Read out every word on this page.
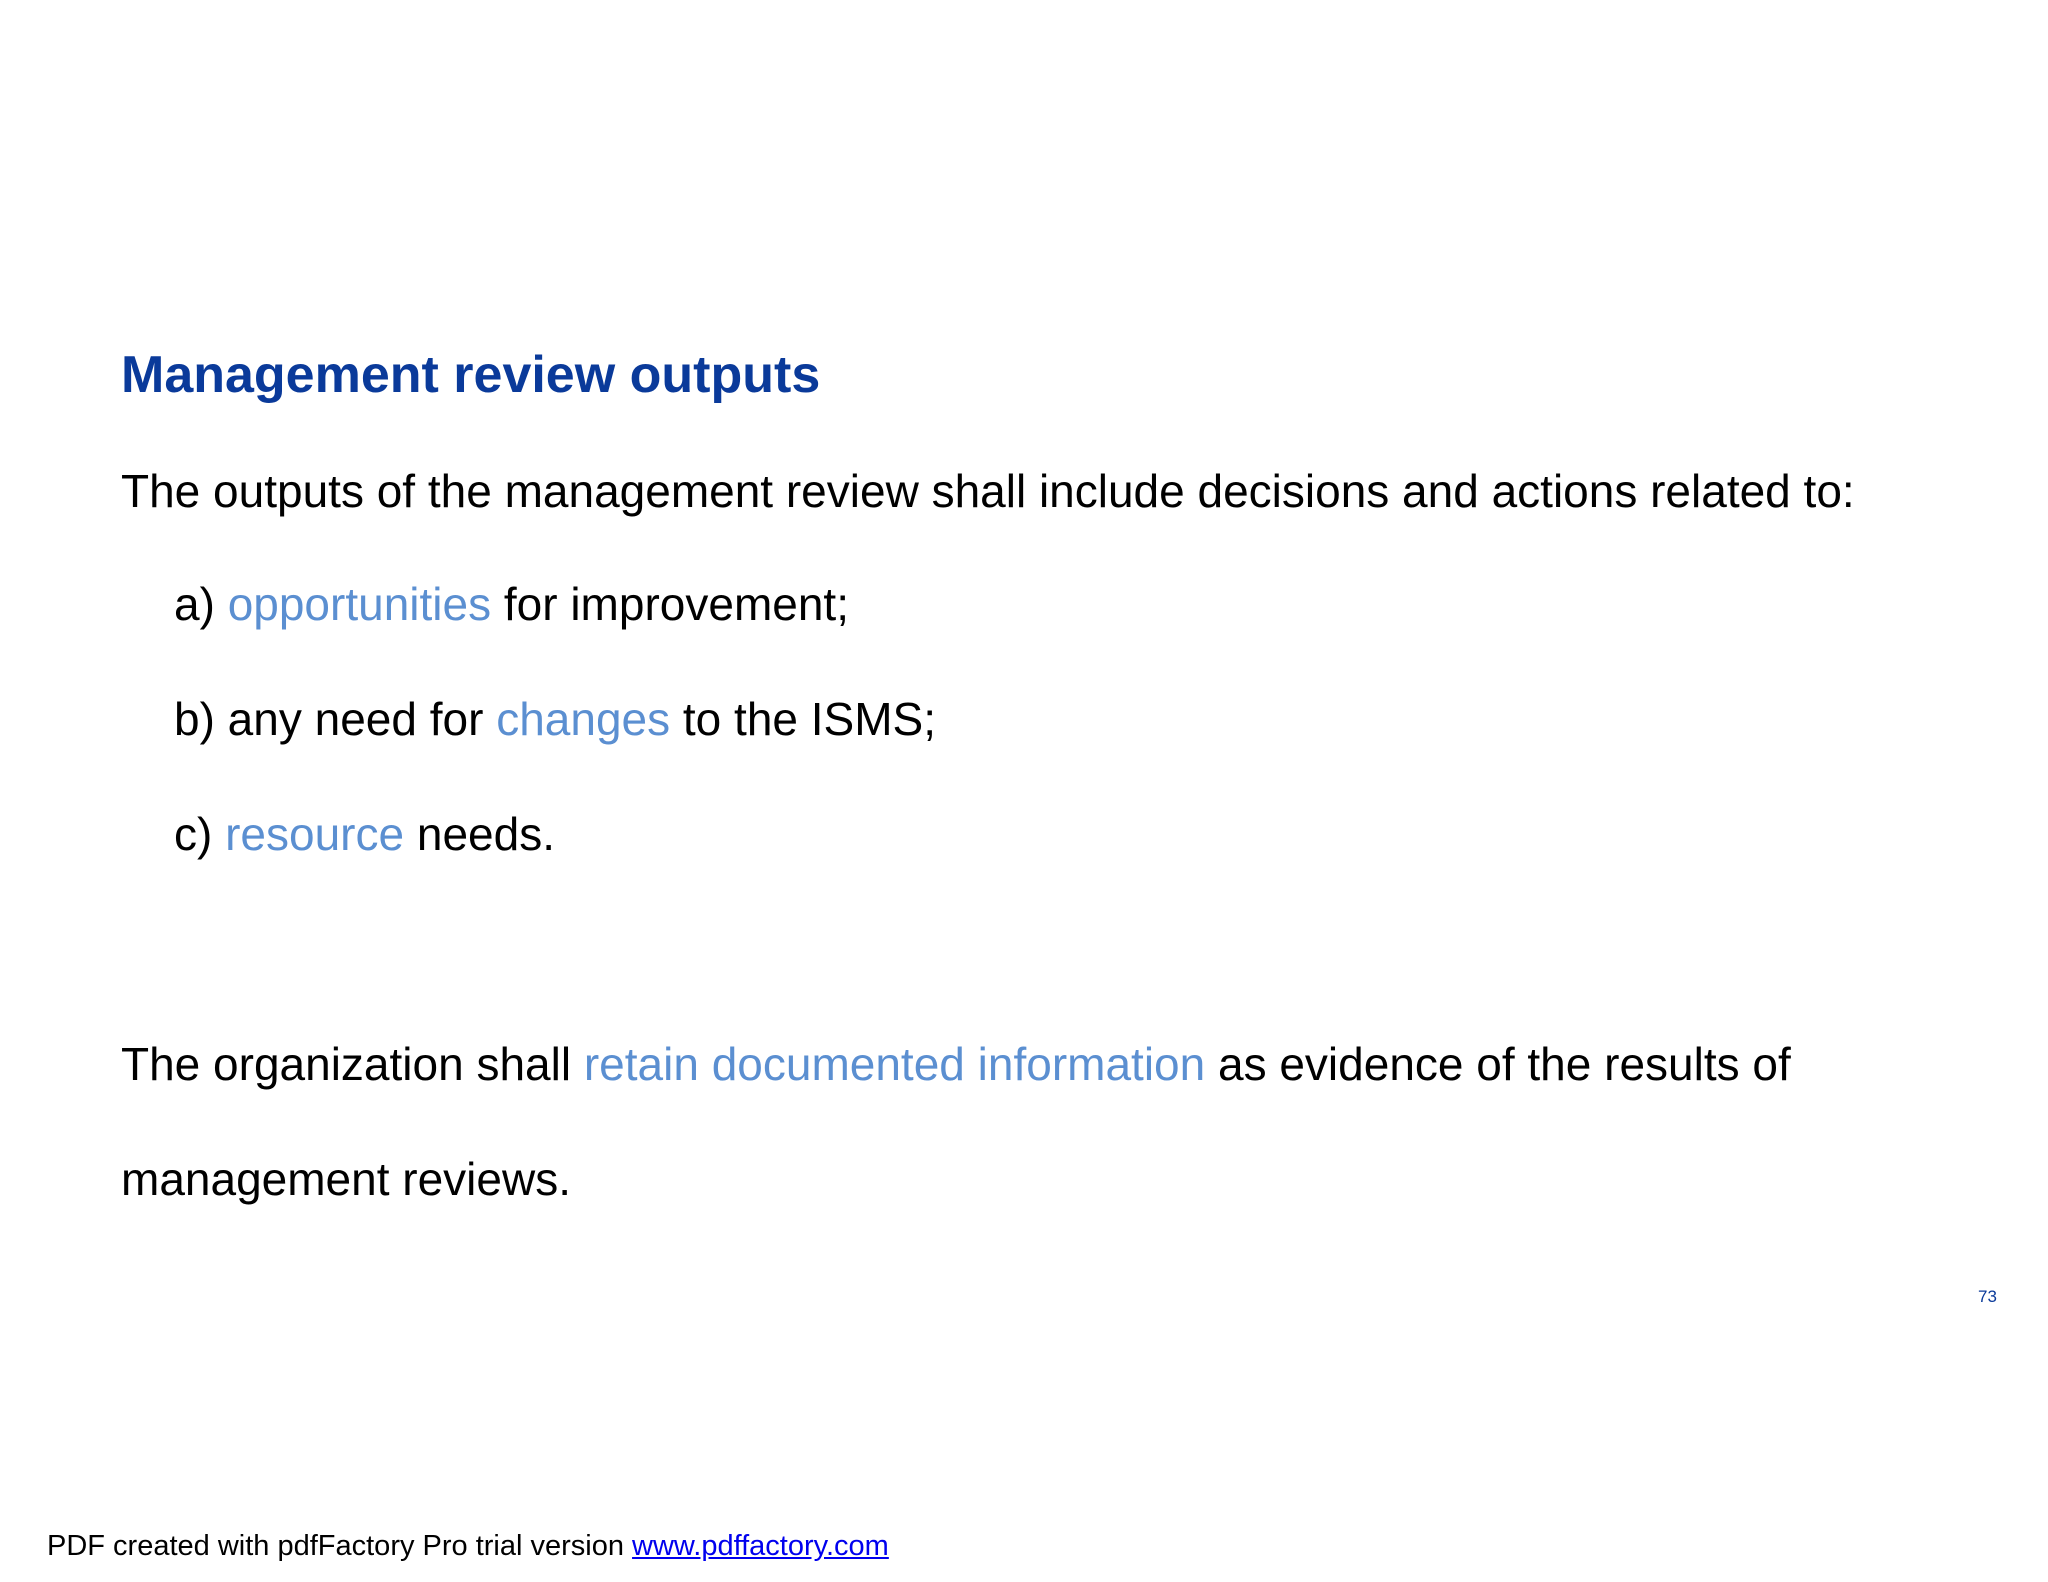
Management review outputs

The outputs of the management review shall include decisions and actions related to:

a) opportunities for improvement;

b) any need for changes to the ISMS;

c) resource needs.

The organization shall retain documented information as evidence of the results of

management reviews.

73
PDF created with pdfFactory Pro trial version www.pdffactory.com
